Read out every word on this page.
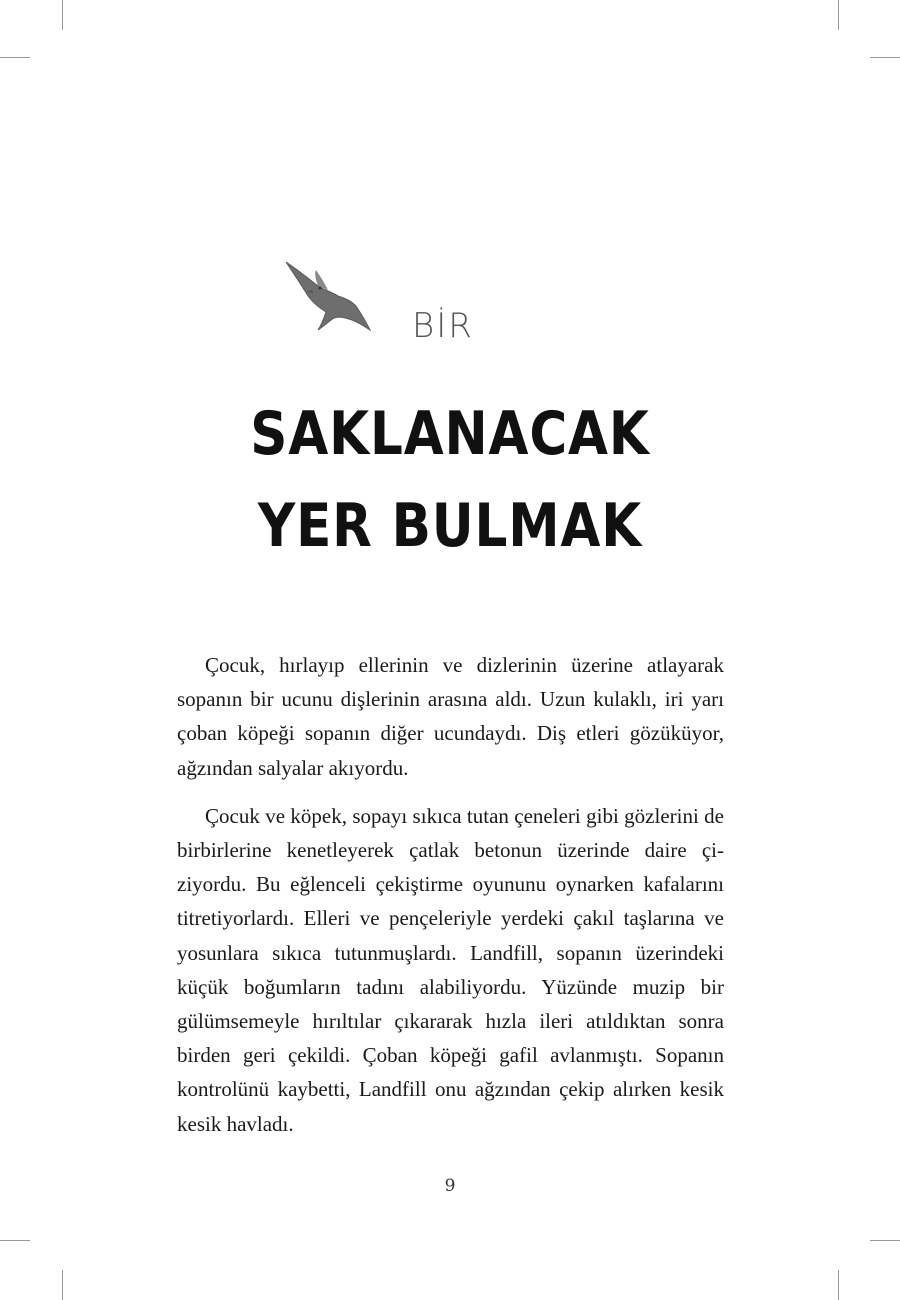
BİR
SAKLANACAK
YER BULMAK

Çocuk, hırlayıp ellerinin ve dizlerinin üzerine atlayarak sopanın bir ucunu dişlerinin arasına aldı. Uzun kulaklı, iri yarı çoban köpeği sopanın diğer ucundaydı. Diş etleri gözüküyor, ağzından salyalar akıyordu.

Çocuk ve köpek, sopayı sıkıca tutan çeneleri gibi gözlerini de birbirlerine kenetleyerek çatlak betonun üzerinde daire çiziyordu. Bu eğlenceli çekiştirme oyununu oynarken kafalarını titretiyorlardı. Elleri ve pençeleriyle yerdeki çakıl taşlarına ve yosunlara sıkıca tutunmuşlardı. Landfill, sopanın üzerindeki küçük boğumların tadını alabiliyordu. Yüzünde muzip bir gülümsemeyle hırıltılar çıkararak hızla ileri atıldıktan sonra birden geri çekildi. Çoban köpeği gafil avlanmıştı. Sopanın kontrolünü kaybetti, Landfill onu ağzından çekip alırken kesik kesik havladı.

9
